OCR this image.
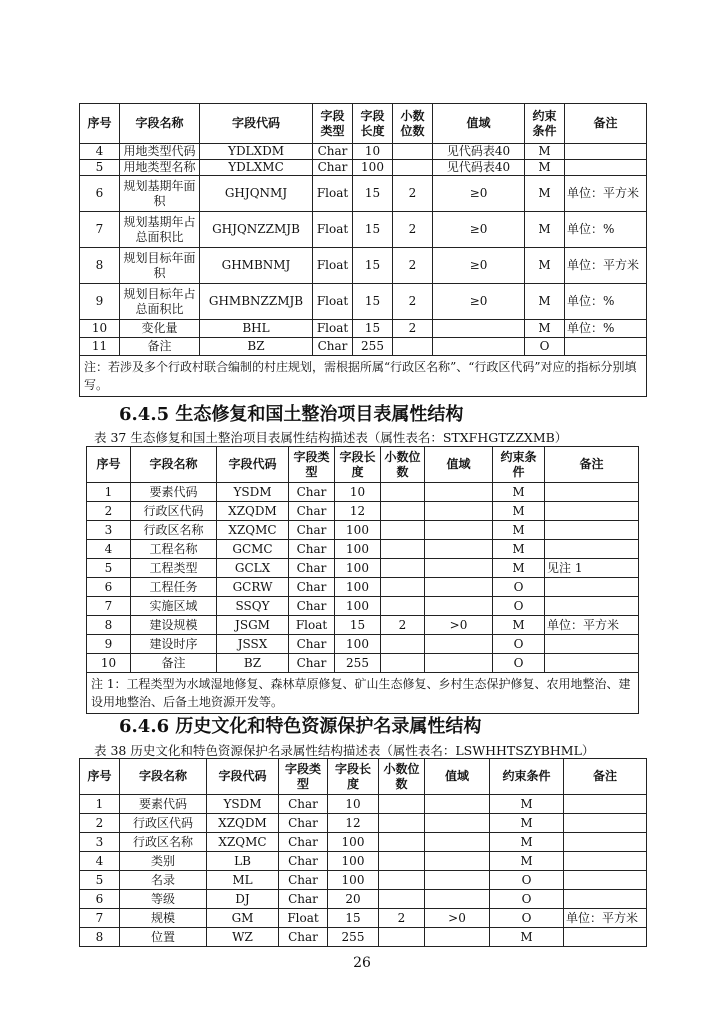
序号	字段名称	字段代码	字段类型	字段长度	小数位数	值域	约束条件	备注
4	用地类型代码	YDLXDM	Char	10		见代码表40	M	
5	用地类型名称	YDLXMC	Char	100		见代码表40	M	
6	规划基期年面积	GHJQNMJ	Float	15	2	≥0	M	单位：平方米
7	规划基期年占总面积比	GHJQNZZMJB	Float	15	2	≥0	M	单位：%
8	规划目标年面积	GHMBNMJ	Float	15	2	≥0	M	单位：平方米
9	规划目标年占总面积比	GHMBNZZMJB	Float	15	2	≥0	M	单位：%
10	变化量	BHL	Float	15	2		M	单位：%
11	备注	BZ	Char	255			O	
注：若涉及多个行政村联合编制的村庄规划，需根据所属“行政区名称”、“行政区代码”对应的指标分别填写。								
6.4.5 生态修复和国土整治项目表属性结构
表 37 生态修复和国土整治项目表属性结构描述表（属性表名：STXFHGTZZXMB）
序号	字段名称	字段代码	字段类型	字段长度	小数位数	值域	约束条件	备注
1	要素代码	YSDM	Char	10			M	
2	行政区代码	XZQDM	Char	12			M	
3	行政区名称	XZQMC	Char	100			M	
4	工程名称	GCMC	Char	100			M	
5	工程类型	GCLX	Char	100			M	见注 1
6	工程任务	GCRW	Char	100			O	
7	实施区域	SSQY	Char	100			O	
8	建设规模	JSGM	Float	15	2	>0	M	单位：平方米
9	建设时序	JSSX	Char	100			O	
10	备注	BZ	Char	255			O	
注 1：工程类型为水域湿地修复、森林草原修复、矿山生态修复、乡村生态保护修复、农用地整治、建设用地整治、后备土地资源开发等。								
6.4.6 历史文化和特色资源保护名录属性结构
表 38 历史文化和特色资源保护名录属性结构描述表（属性表名：LSWHHTSZYBHML）
序号	字段名称	字段代码	字段类型	字段长度	小数位数	值域	约束条件	备注
1	要素代码	YSDM	Char	10			M	
2	行政区代码	XZQDM	Char	12			M	
3	行政区名称	XZQMC	Char	100			M	
4	类别	LB	Char	100			M	
5	名录	ML	Char	100			O	
6	等级	DJ	Char	20			O	
7	规模	GM	Float	15	2	>0	O	单位：平方米
8	位置	WZ	Char	255			M	
26
